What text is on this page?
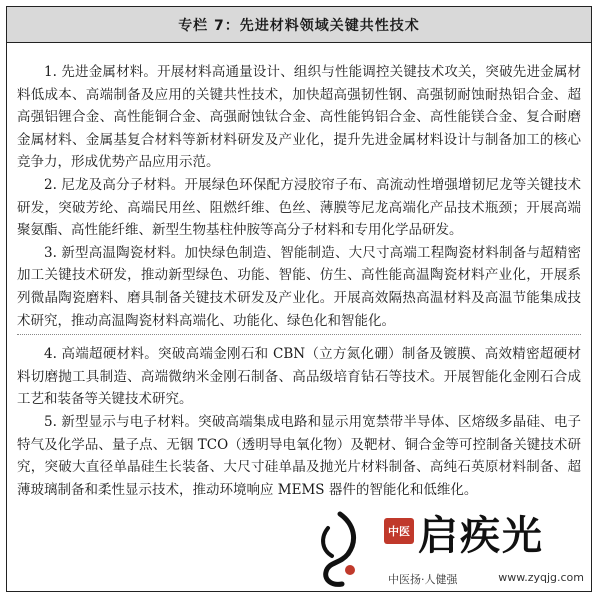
专栏 7：先进材料领域关键共性技术

1. 先进金属材料。开展材料高通量设计、组织与性能调控关键技术攻关，突破先进金属材料低成本、高端制备及应用的关键共性技术，加快超高强韧性钢、高强韧耐蚀耐热铝合金、超高强铝锂合金、高性能铜合金、高强耐蚀钛合金、高性能钨铝合金、高性能镁合金、复合耐磨金属材料、金属基复合材料等新材料研发及产业化，提升先进金属材料设计与制备加工的核心竞争力，形成优势产品应用示范。

2. 尼龙及高分子材料。开展绿色环保配方浸胶帘子布、高流动性增强增韧尼龙等关键技术研发，突破芳纶、高端民用丝、阻燃纤维、色丝、薄膜等尼龙高端化产品技术瓶颈；开展高端聚氨酯、高性能纤维、新型生物基柱仲胺等高分子材料和专用化学品研发。

3. 新型高温陶瓷材料。加快绿色制造、智能制造、大尺寸高端工程陶瓷材料制备与超精密加工关键技术研发，推动新型绿色、功能、智能、仿生、高性能高温陶瓷材料产业化，开展系列微晶陶瓷磨料、磨具制备关键技术研发及产业化。开展高效隔热高温材料及高温节能集成技术研究，推动高温陶瓷材料高端化、功能化、绿色化和智能化。

4. 高端超硬材料。突破高端金刚石和 CBN（立方氮化硼）制备及镀膜、高效精密超硬材料切磨抛工具制造、高端微纳米金刚石制备、高品级培育钻石等技术。开展智能化金刚石合成工艺和装备等关键技术研究。

5. 新型显示与电子材料。突破高端集成电路和显示用宽禁带半导体、区熔级多晶硅、电子特气及化学品、量子点、无铟 TCO（透明导电氧化物）及靶材、铜合金等可控制备关键技术研究，突破大直径单晶硅生长装备、大尺寸硅单晶及抛光片材料制备、高纯石英原材料制备、超薄玻璃制备和柔性显示技术，推动环境响应 MEMS 器件的智能化和低维化。

中医 启疾光
中医扬·人健强	www.zyqjg.com
